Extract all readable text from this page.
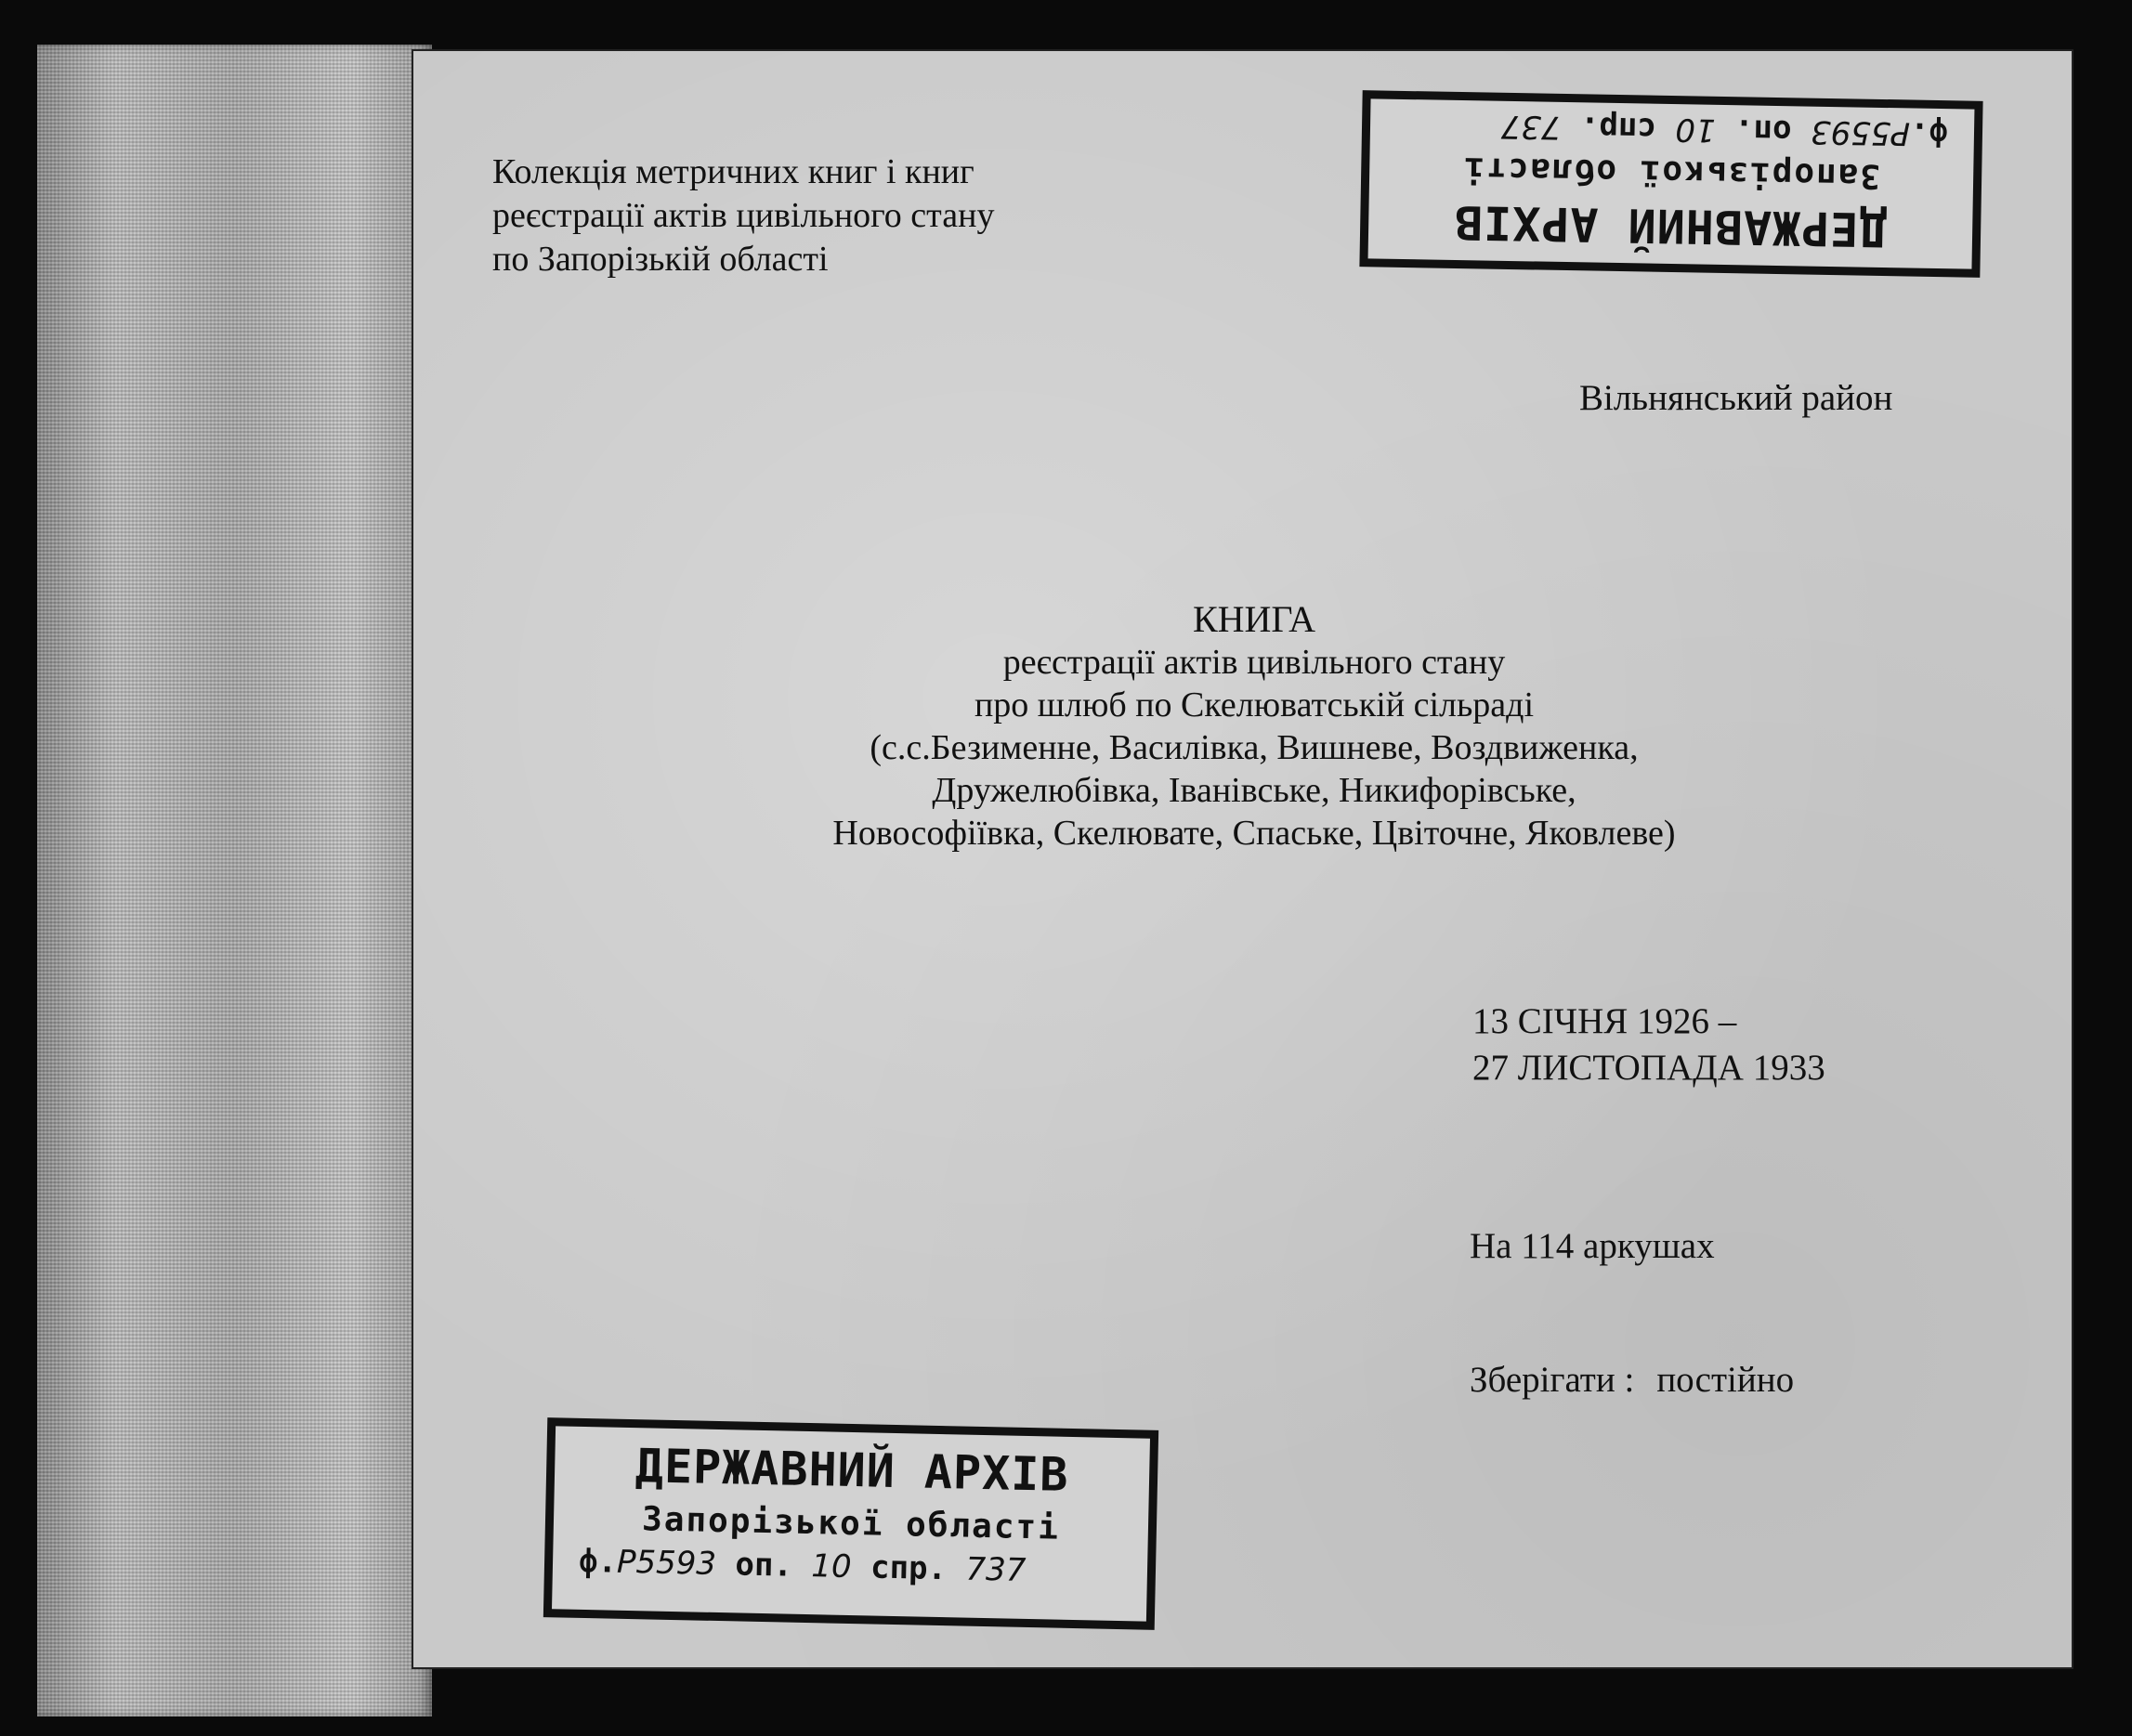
ДЕРЖАВНИЙ АРХІВ
Запорізької області
ф.Р5593 оп. 10 спр. 737
Колекція метричних книг і книг
реєстрації актів цивільного стану
по Запорізькій області
Вільнянський район
КНИГА
реєстрації актів цивільного стану
про шлюб по Скелюватській сільраді
(с.с.Безименне, Василівка, Вишневе, Воздвиженка,
Дружелюбівка, Іванівське, Никифорівське,
Новософіївка, Скелювате, Спаське, Цвіточне, Яковлеве)
13 СІЧНЯ 1926 –
27 ЛИСТОПАДА 1933
На 114 аркушах
Зберігати : постійно
ДЕРЖАВНИЙ АРХІВ
Запорізької області
ф.Р5593 оп. 10 спр. 737
